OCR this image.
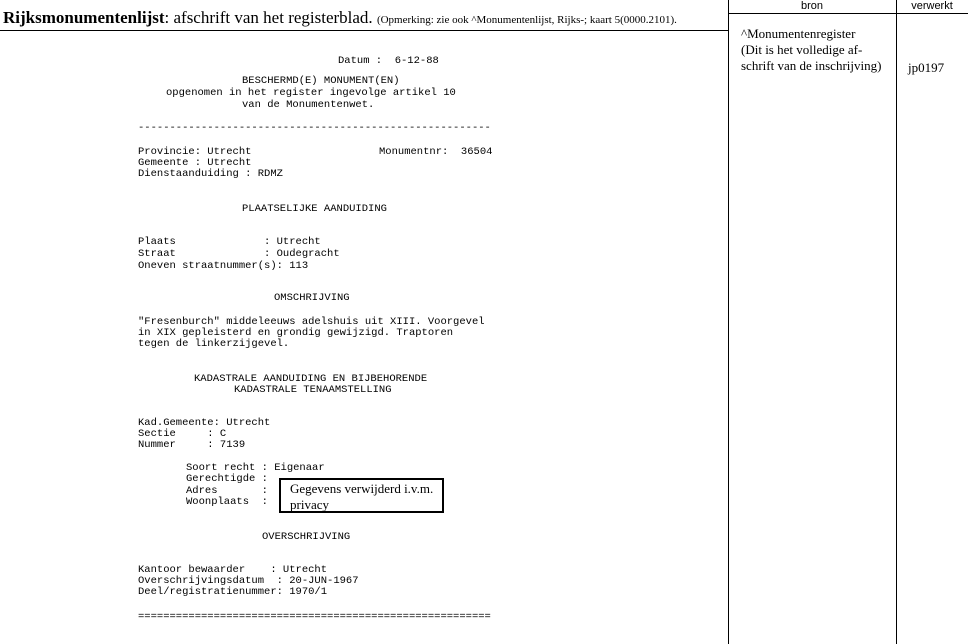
Rijksmonumentenlijst: afschrift van het registerblad. (Opmerking: zie ook ^Monumentenlijst, Rijks-; kaart 5(0000.2101).
bron	verwerkt
^Monumentenregister
(Dit is het volledige af-
schrift van de inschrijving) jp0197
Datum :  6-12-88
BESCHERMD(E) MONUMENT(EN)
opgenomen in het register ingevolge artikel 10
van de Monumentenwet.
--------------------------------------------------------
Provincie: Utrecht	Monumentnr:  36504
Gemeente : Utrecht
Dienstaanduiding : RDMZ
PLAATSELIJKE AANDUIDING
Plaats              : Utrecht
Straat              : Oudegracht
Oneven straatnummer(s): 113
OMSCHRIJVING
"Fresenburch" middeleeuws adelshuis uit XIII. Voorgevel
in XIX gepleisterd en grondig gewijzigd. Traptoren
tegen de linkerzijgevel.
KADASTRALE AANDUIDING EN BIJBEHORENDE
KADASTRALE TENAAMSTELLING
Kad.Gemeente: Utrecht
Sectie     : C
Nummer     : 7139
Soort recht : Eigenaar
Gerechtigde :
Adres       :
Woonplaats  :
Gegevens verwijderd i.v.m.
privacy
OVERSCHRIJVING
Kantoor bewaarder    : Utrecht
Overschrijvingsdatum  : 20-JUN-1967
Deel/registratienummer: 1970/1
========================================================
